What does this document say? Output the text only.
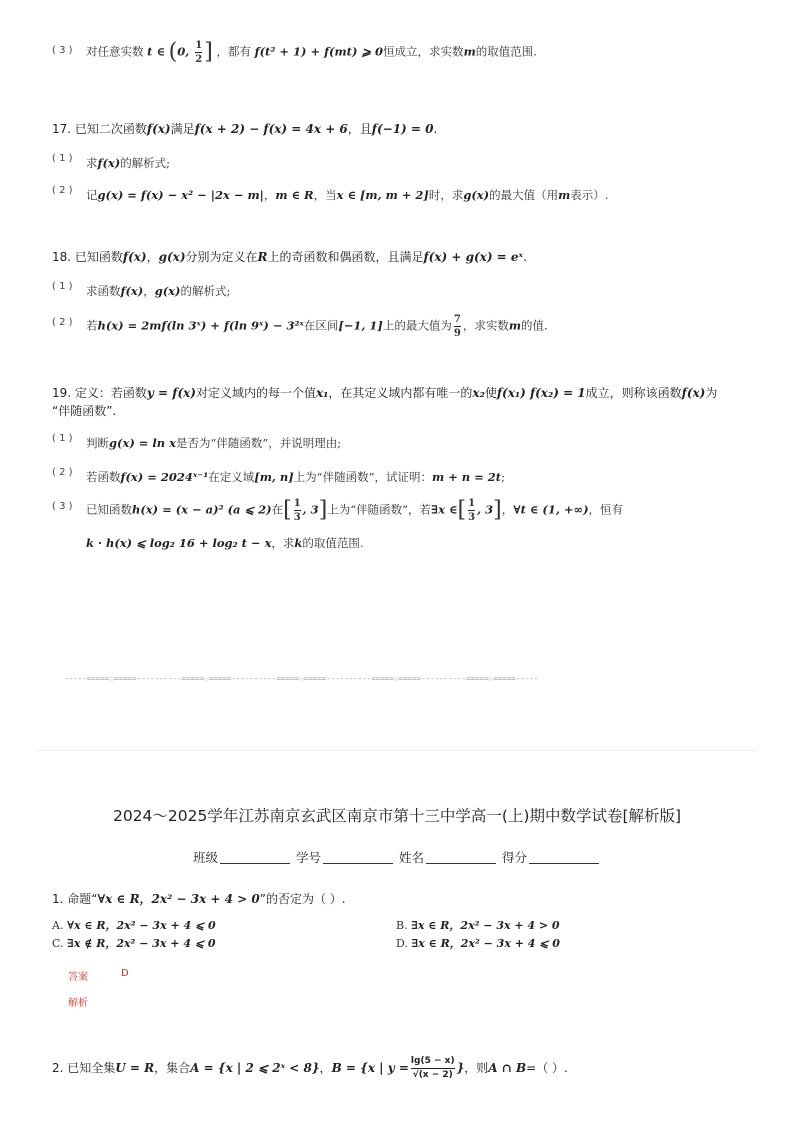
( 3 ) 对任意实数 t ∈ (0, $\frac{1}{2}$ ] ，都有 f(t² + 1) + f(mt) ⩾ 0恒成立，求实数m的取值范围.
17. 已知二次函数f(x)满足f(x + 2) − f(x) = 4x + 6，且f(−1) = 0.
( 1 ) 求f(x)的解析式;
( 2 ) 记g(x) = f(x) − x² − |2x − m|，m ∈ R，当x ∈ [m, m + 2]时，求g(x)的最大值（用m表示）.
18. 已知函数f(x)，g(x)分别为定义在R上的奇函数和偶函数，且满足f(x) + g(x) = eˣ.
( 1 ) 求函数f(x)，g(x)的解析式;
( 2 ) 若h(x) = 2mf(ln 3ˣ) + f(ln 9ˣ) − 3²ˣ在区间[−1, 1]上的最大值为 $\frac{7}{9}$ ，求实数m的值.
19. 定义：若函数y = f(x)对定义域内的每一个值x₁，在其定义域内都有唯一的x₂使f(x₁) f(x₂) = 1成立，则称该函数f(x)为
“伴随函数”.
( 1 ) 判断g(x) = ln x是否为“伴随函数”，并说明理由;
( 2 ) 若函数f(x) = 2024ˣ⁻¹在定义域[m, n]上为“伴随函数”，试证明：m + n = 2t;
( 3 ) 已知函数h(x) = (x − a)² (a ⩽ 2)在[ $\frac{1}{3}$ , 3]上为“伴随函数”，若∃x ∈[ $\frac{1}{3}$ , 3]，∀t ∈ (1, +∞)，恒有
k · h(x) ⩽ log₂ 16 + log₂ t − x，求k的取值范围.
-----=====☆=====----------=====☆=====----------=====☆=====----------=====☆=====----------=====☆=====-----
2024～2025学年江苏南京玄武区南京市第十三中学高一(上)期中数学试卷[解析版]
班级	学号	姓名	得分
1. 命题“∀x ∈ R，2x² − 3x + 4 > 0”的否定为（ ）.
A. ∀x ∈ R，2x² − 3x + 4 ⩽ 0	B. ∃x ∈ R，2x² − 3x + 4 > 0
C. ∃x ∉ R，2x² − 3x + 4 ⩽ 0	D. ∃x ∈ R，2x² − 3x + 4 ⩽ 0
答案	D
解析
2. 已知全集U = R，集合A = {x | 2 ⩽ 2ˣ < 8}，B = {x | $y = \frac{\lg(5 - x)}{√(x - 2)}$ }，则A ∩ B=（ ）.
